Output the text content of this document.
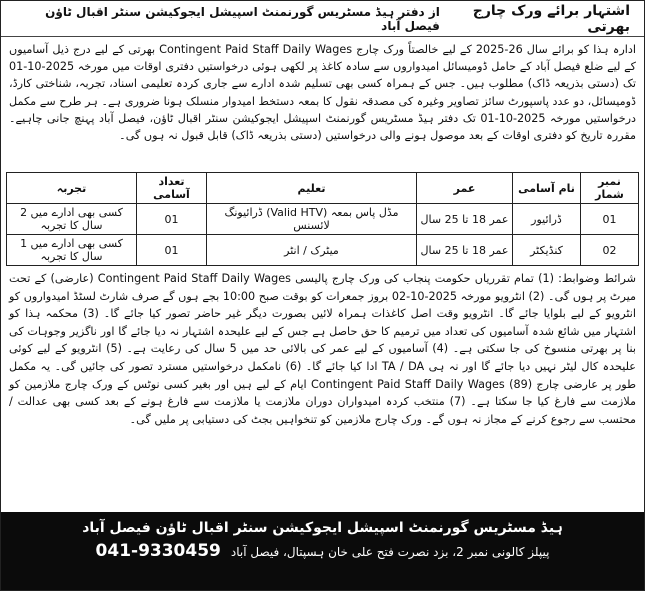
اشتہار برائے ورک چارج بھرتی
از دفتر ہیڈ مسٹریس گورنمنٹ اسپیشل ایجوکیشن سنٹر اقبال ٹاؤن فیصل آباد

ادارہ ہذا کو برائے سال 26-2025 کے لیے خالصتاً ورک چارج Contingent Paid Staff Daily Wages بھرتی کے لیے درج ذیل آسامیوں کے لیے ضلع فیصل آباد کے حامل ڈومیسائل امیدواروں سے سادہ کاغذ پر لکھی ہوئی درخواستیں دفتری اوقات میں مورخہ 2025-10-01 تک (دستی بذریعہ ڈاک) مطلوب ہیں۔ جس کے ہمراہ کسی بھی تسلیم شدہ ادارے سے جاری کردہ تعلیمی اسناد، تجربہ، شناختی کارڈ، ڈومیسائل، دو عدد پاسپورٹ سائز تصاویر وغیرہ کی مصدقہ نقول کا بمعہ دستخط امیدوار منسلک ہونا ضروری ہے۔ ہر طرح سے مکمل درخواستیں مورخہ 2025-10-01 تک دفتر ہیڈ مسٹریس گورنمنٹ اسپیشل ایجوکیشن سنٹر اقبال ٹاؤن، فیصل آباد پہنچ جانی چاہیے۔ مقررہ تاریخ کو دفتری اوقات کے بعد موصول ہونے والی درخواستیں (دستی بذریعہ ڈاک) قابل قبول نہ ہوں گی۔

نمبر شمار	نام آسامی	عمر	تعلیم	تعداد آسامی	تجربہ
01	ڈرائیور	عمر 18 تا 25 سال	مڈل پاس بمعہ (Valid HTV) ڈرائیونگ لائسنس	01	کسی بھی ادارے میں 2 سال کا تجربہ
02	کنڈیکٹر	عمر 18 تا 25 سال	میٹرک / انٹر	01	کسی بھی ادارے میں 1 سال کا تجربہ

شرائط وضوابط: (1) تمام تقرریاں حکومت پنجاب کی ورک چارج پالیسی Contingent Paid Staff Daily Wages (عارضی) کے تحت میرٹ پر ہوں گی۔ (2) انٹرویو مورخہ 2025-10-02 بروز جمعرات کو بوقت صبح 10:00 بجے ہوں گے صرف شارٹ لسٹڈ امیدواروں کو انٹرویو کے لیے بلوایا جائے گا۔ انٹرویو وقت اصل کاغذات ہمراہ لائیں بصورت دیگر غیر حاضر تصور کیا جائے گا۔ (3) محکمہ ہذا کو اشتہار میں شائع شدہ آسامیوں کی تعداد میں ترمیم کا حق حاصل ہے جس کے لیے علیحدہ اشتہار نہ دیا جائے گا اور ناگزیر وجوہات کی بنا پر بھرتی منسوخ کی جا سکتی ہے۔ (4) آسامیوں کے لیے عمر کی بالائی حد میں 5 سال کی رعایت ہے۔ (5) انٹرویو کے لیے کوئی علیحدہ کال لیٹر نہیں دیا جائے گا اور نہ ہی TA / DA ادا کیا جائے گا۔ (6) نامکمل درخواستیں مسترد تصور کی جائیں گی۔ یہ مکمل طور پر عارضی چارج (89) Contingent Paid Staff Daily Wages ایام کے لیے ہیں اور بغیر کسی نوٹس کے ورک چارج ملازمین کو ملازمت سے فارغ کیا جا سکتا ہے۔ (7) منتخب کردہ امیدواران دوران ملازمت یا ملازمت سے فارغ ہونے کے بعد کسی بھی عدالت / محتسب سے رجوع کرنے کے مجاز نہ ہوں گے۔ ورک چارج ملازمین کو تنخواہیں بجٹ کی دستیابی پر ملیں گی۔

ہیڈ مسٹریس گورنمنٹ اسپیشل ایجوکیشن سنٹر اقبال ٹاؤن فیصل آباد
پیپلز کالونی نمبر 2، بزد نصرت فتح علی خان ہسپتال، فیصل آباد
041-9330459
